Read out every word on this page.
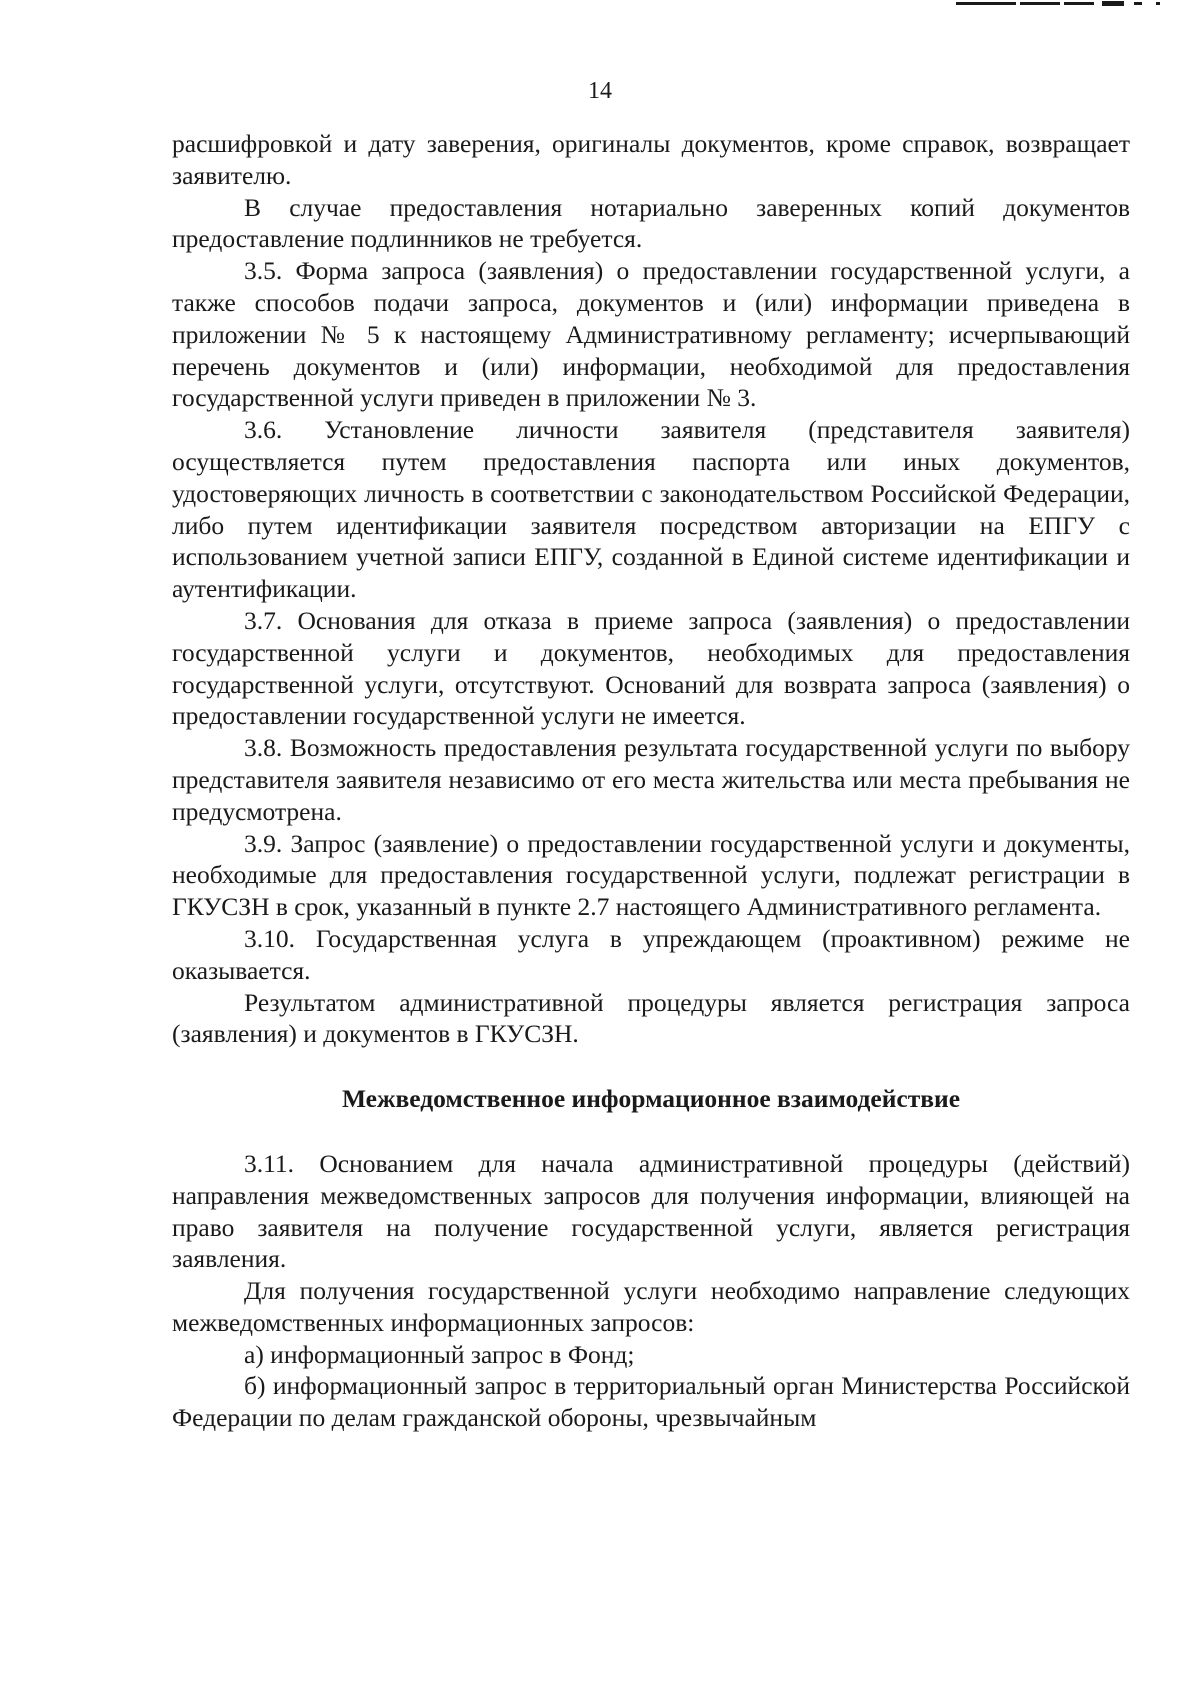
14

расшифровкой и дату заверения, оригиналы документов, кроме справок, возвращает заявителю.

В случае предоставления нотариально заверенных копий документов предоставление подлинников не требуется.

3.5. Форма запроса (заявления) о предоставлении государственной услуги, а также способов подачи запроса, документов и (или) информации приведена в приложении № 5 к настоящему Административному регламенту; исчерпывающий перечень документов и (или) информации, необходимой для предоставления государственной услуги приведен в приложении № 3.

3.6. Установление личности заявителя (представителя заявителя) осуществляется путем предоставления паспорта или иных документов, удостоверяющих личность в соответствии с законодательством Российской Федерации, либо путем идентификации заявителя посредством авторизации на ЕПГУ с использованием учетной записи ЕПГУ, созданной в Единой системе идентификации и аутентификации.

3.7. Основания для отказа в приеме запроса (заявления) о предоставлении государственной услуги и документов, необходимых для предоставления государственной услуги, отсутствуют. Оснований для возврата запроса (заявления) о предоставлении государственной услуги не имеется.

3.8. Возможность предоставления результата государственной услуги по выбору представителя заявителя независимо от его места жительства или места пребывания не предусмотрена.

3.9. Запрос (заявление) о предоставлении государственной услуги и документы, необходимые для предоставления государственной услуги, подлежат регистрации в ГКУСЗН в срок, указанный в пункте 2.7 настоящего Административного регламента.

3.10. Государственная услуга в упреждающем (проактивном) режиме не оказывается.

Результатом административной процедуры является регистрация запроса (заявления) и документов в ГКУСЗН.

Межведомственное информационное взаимодействие

3.11. Основанием для начала административной процедуры (действий) направления межведомственных запросов для получения информации, влияющей на право заявителя на получение государственной услуги, является регистрация заявления.

Для получения государственной услуги необходимо направление следующих межведомственных информационных запросов:

а) информационный запрос в Фонд;

б) информационный запрос в территориальный орган Министерства Российской Федерации по делам гражданской обороны, чрезвычайным
